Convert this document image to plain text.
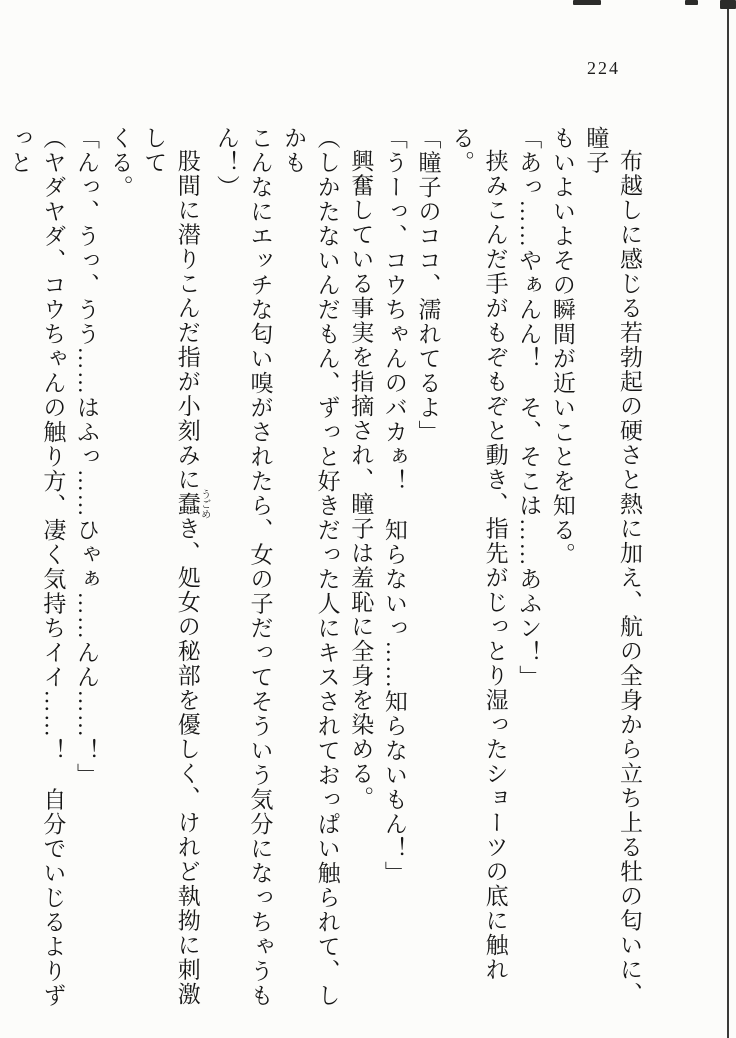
224
布越しに感じる若勃起の硬さと熱に加え、航の全身から立ち上る牡の匂いに、瞳子
もいよいよその瞬間が近いことを知る。
「あっ……やぁんん！　そ、そこは……あふン！」
挟みこんだ手がもぞもぞと動き、指先がじっとり湿ったショーツの底に触れる。
「瞳子のココ、濡れてるよ」
「うーっ、コウちゃんのバカぁ！　知らないっ……知らないもん！」
興奮している事実を指摘され、瞳子は羞恥に全身を染める。
（しかたないんだもん、ずっと好きだった人にキスされておっぱい触られて、しかも
こんなにエッチな匂い嗅がされたら、女の子だってそういう気分になっちゃうもん！）
股間に潜りこんだ指が小刻みに蠢 うごめき、処女の秘部を優しく、けれど執拗に刺激して
くる。
「んっ、うっ、うう……はふっ……ひゃぁ……んん……！」
（ヤダヤダ、コウちゃんの触り方、凄く気持ちイイ……！　自分でいじるよりずっと
